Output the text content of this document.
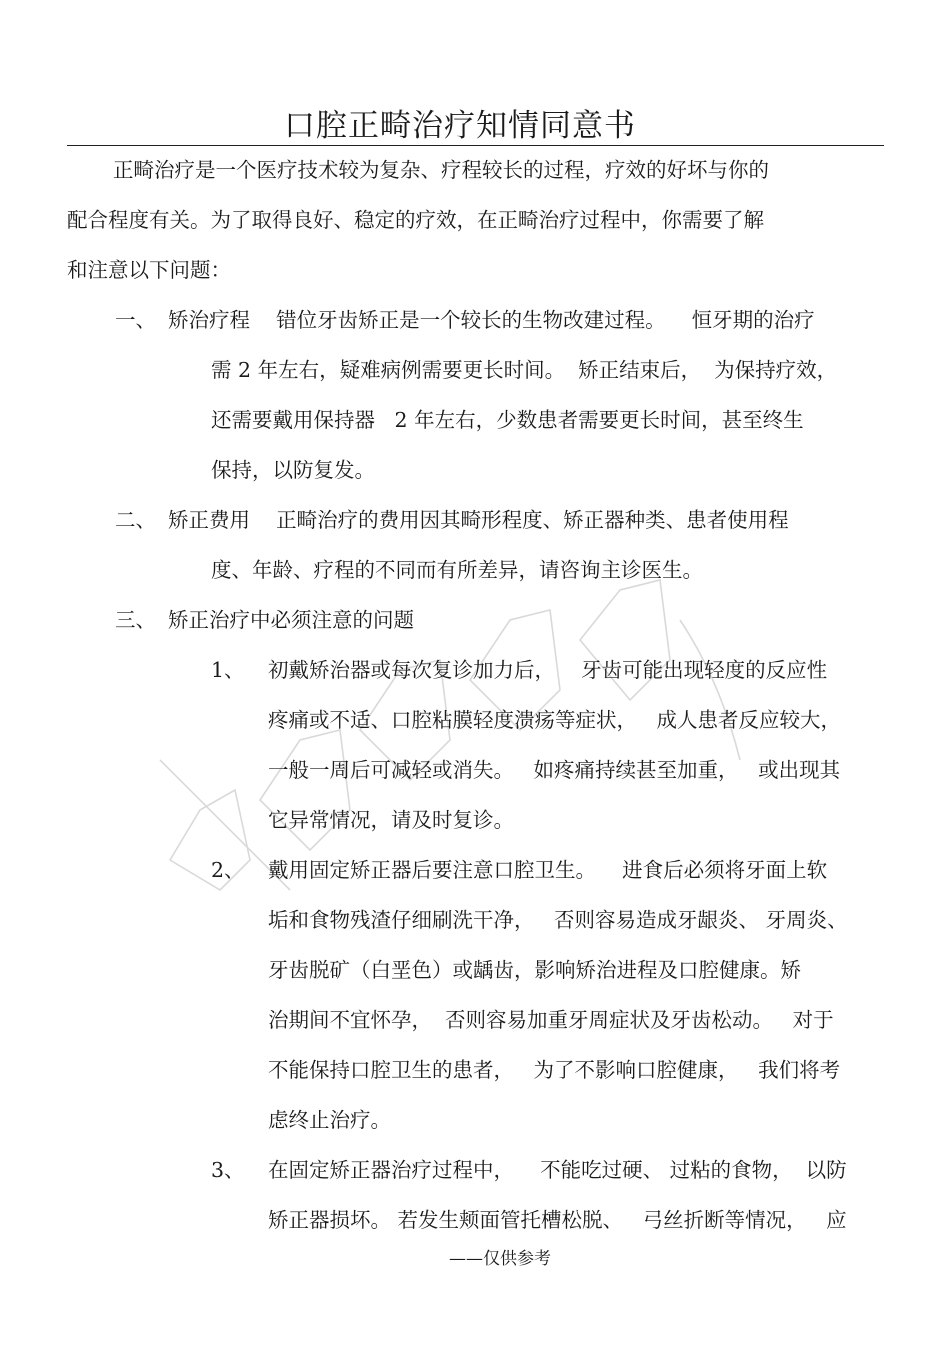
口腔正畸治疗知情同意书
正畸治疗是一个医疗技术较为复杂、疗程较长的过程，疗效的好坏与你的
配合程度有关。为了取得良好、稳定的疗效，在正畸治疗过程中，你需要了解
和注意以下问题：
一、 矫治疗程    错位牙齿矫正是一个较长的生物改建过程。    恒牙期的治疗
需 2 年左右，疑难病例需要更长时间。  矫正结束后，  为保持疗效，
还需要戴用保持器   2 年左右，少数患者需要更长时间，甚至终生
保持，以防复发。
二、 矫正费用    正畸治疗的费用因其畸形程度、矫正器种类、患者使用程
度、年龄、疗程的不同而有所差异，请咨询主诊医生。
三、 矫正治疗中必须注意的问题
1、 初戴矫治器或每次复诊加力后，    牙齿可能出现轻度的反应性
疼痛或不适、口腔粘膜轻度溃疡等症状，   成人患者反应较大，
一般一周后可减轻或消失。   如疼痛持续甚至加重，   或出现其
它异常情况，请及时复诊。
2、 戴用固定矫正器后要注意口腔卫生。    进食后必须将牙面上软
垢和食物残渣仔细刷洗干净，   否则容易造成牙龈炎、 牙周炎、
牙齿脱矿（白垩色）或龋齿，影响矫治进程及口腔健康。矫
治期间不宜怀孕，  否则容易加重牙周症状及牙齿松动。   对于
不能保持口腔卫生的患者，   为了不影响口腔健康，   我们将考
虑终止治疗。
3、 在固定矫正器治疗过程中，    不能吃过硬、 过粘的食物，  以防
矫正器损坏。 若发生颊面管托槽松脱、   弓丝折断等情况，   应
——仅供参考
